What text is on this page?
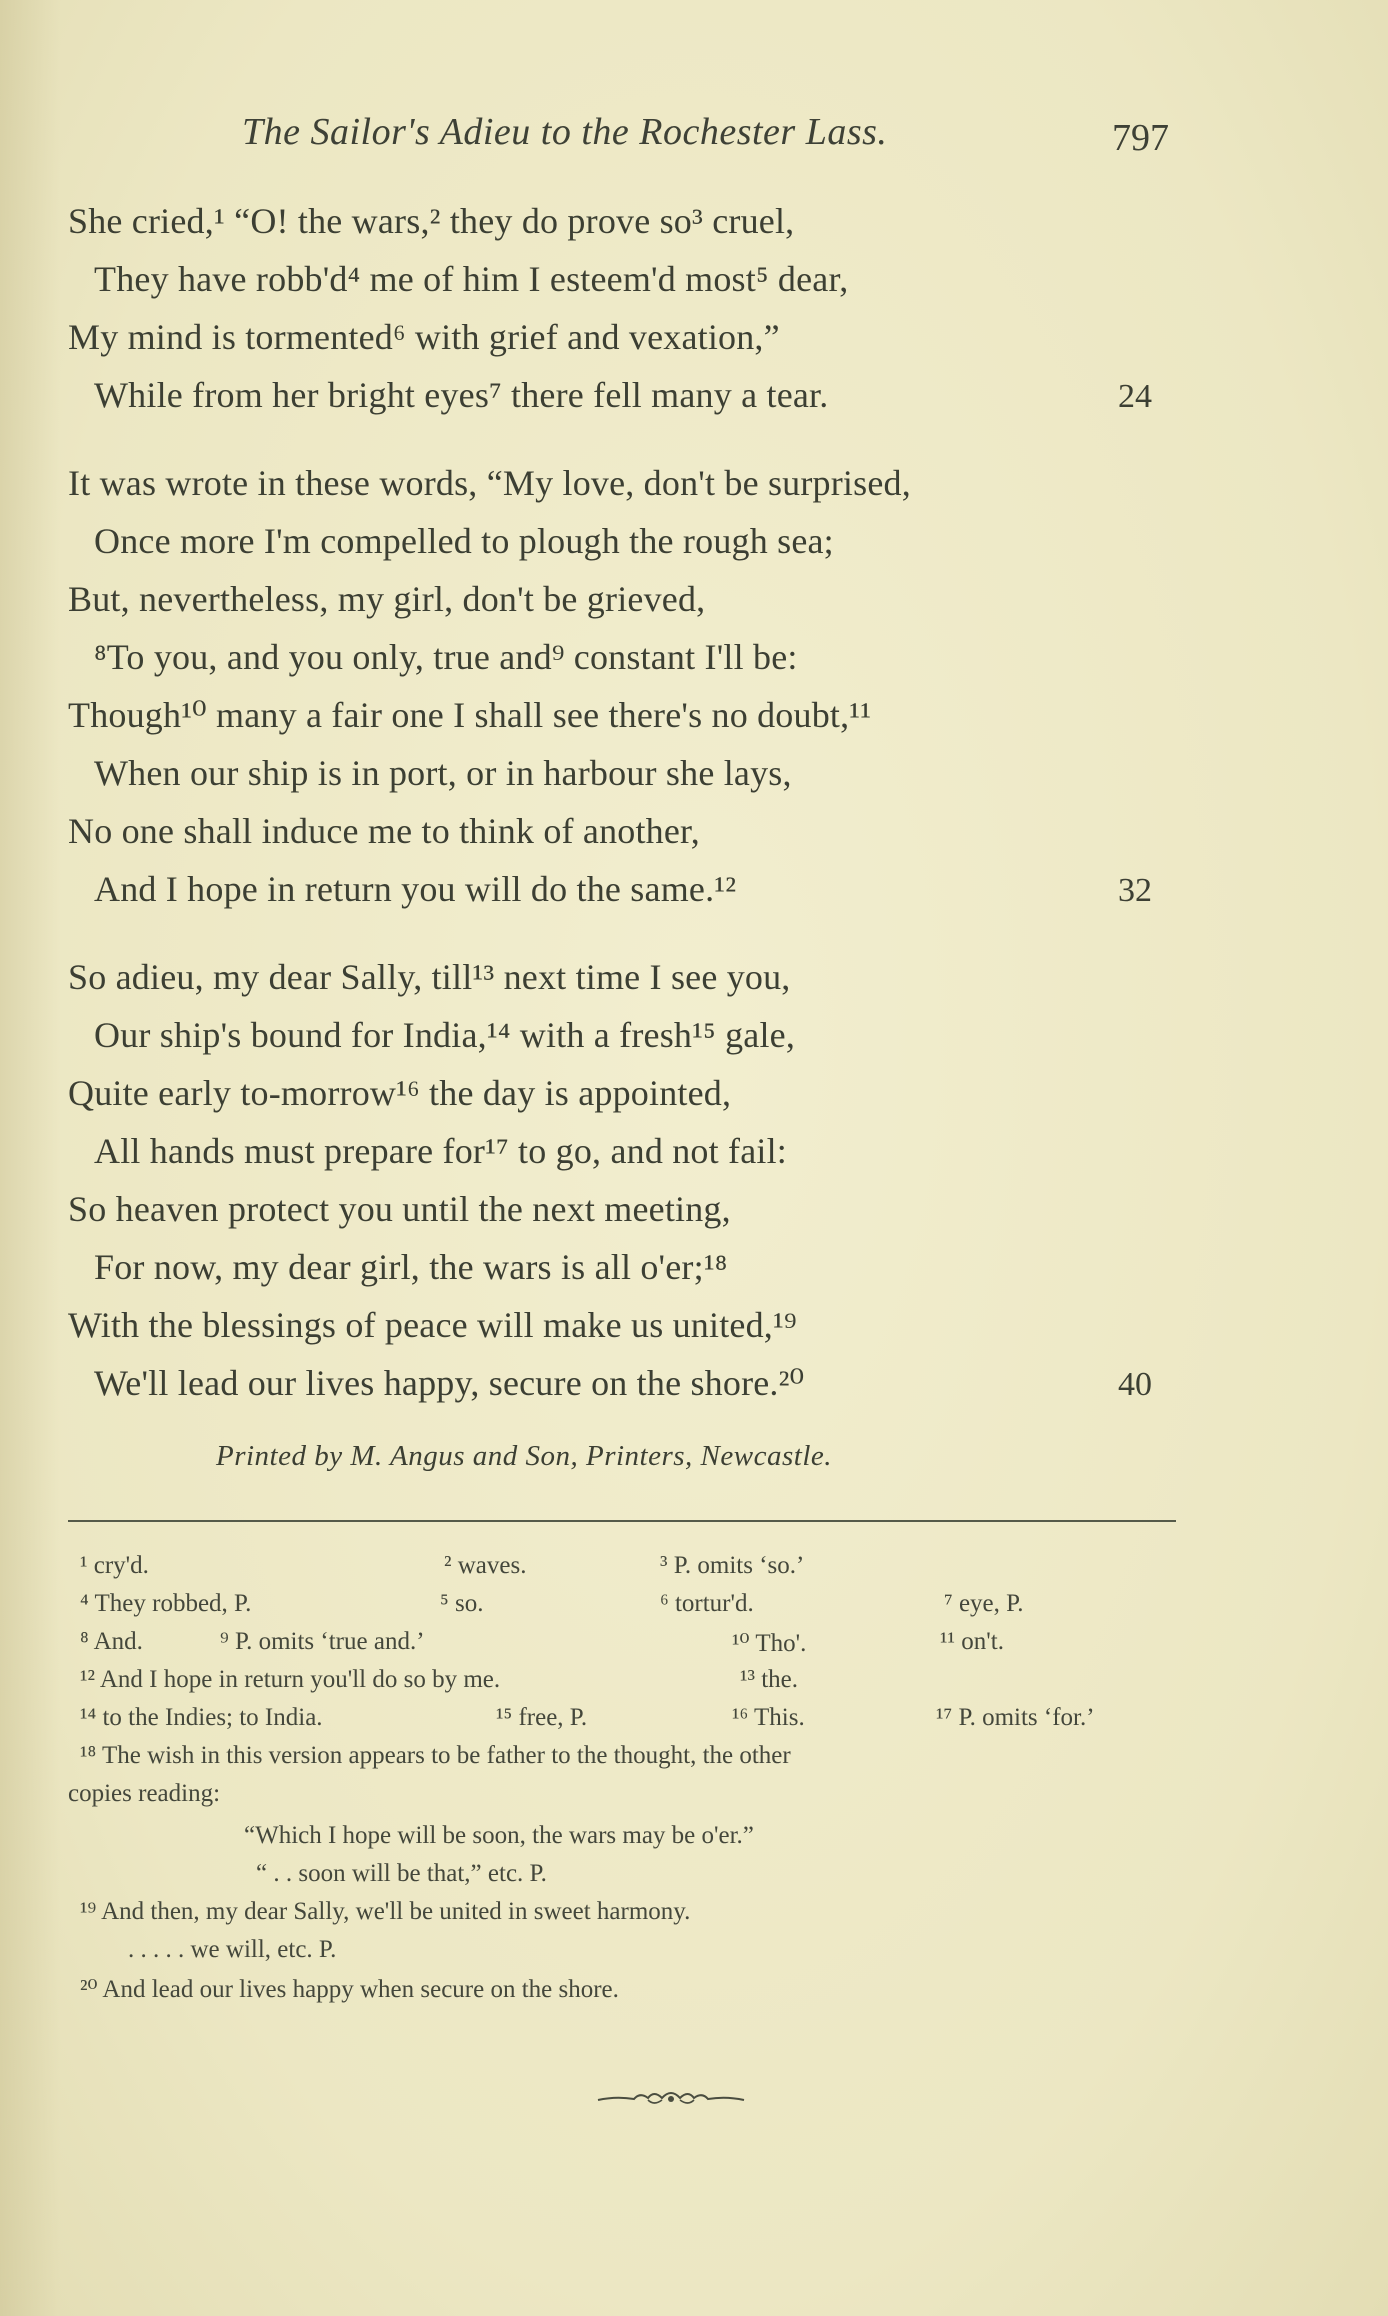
The Sailor's Adieu to the Rochester Lass.	797
She cried,¹ “O! the wars,² they do prove so³ cruel,
They have robb'd⁴ me of him I esteem'd most⁵ dear,
My mind is tormented⁶ with grief and vexation,”
While from her bright eyes⁷ there fell many a tear.	24
It was wrote in these words, “My love, don't be surprised,
Once more I'm compelled to plough the rough sea;
But, nevertheless, my girl, don't be grieved,
⁸To you, and you only, true and⁹ constant I'll be:
Though¹⁰ many a fair one I shall see there's no doubt,¹¹
When our ship is in port, or in harbour she lays,
No one shall induce me to think of another,
And I hope in return you will do the same.¹²	32
So adieu, my dear Sally, till¹³ next time I see you,
Our ship's bound for India,¹⁴ with a fresh¹⁵ gale,
Quite early to-morrow¹⁶ the day is appointed,
All hands must prepare for¹⁷ to go, and not fail:
So heaven protect you until the next meeting,
For now, my dear girl, the wars is all o'er;¹⁸
With the blessings of peace will make us united,¹⁹
We'll lead our lives happy, secure on the shore.²⁰	40
Printed by M. Angus and Son, Printers, Newcastle.
¹ cry'd.	² waves.	³ P. omits ‘so.’
⁴ They robbed, P.	⁵ so.	⁶ tortur'd.	⁷ eye, P.
⁸ And.	⁹ P. omits ‘true and.’	¹⁰ Tho'.	¹¹ on't.
¹² And I hope in return you'll do so by me.	¹³ the.
¹⁴ to the Indies; to India.	¹⁵ free, P.	¹⁶ This.	¹⁷ P. omits ‘for.’
¹⁸ The wish in this version appears to be father to the thought, the other
copies reading:
“Which I hope will be soon, the wars may be o'er.”
“ . . soon will be that,” etc. P.
¹⁹ And then, my dear Sally, we'll be united in sweet harmony.
. . . . . we will, etc. P.
²⁰ And lead our lives happy when secure on the shore.
